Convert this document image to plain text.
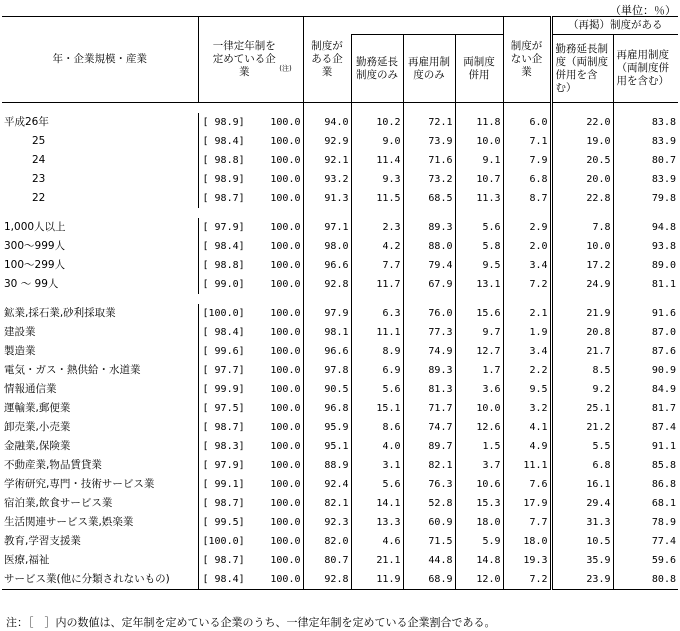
（単位：％）
年・企業規模・産業	一律定年制を定めている企業 $^{(注)}$		制度がある企業				制度がない企業	（再掲）制度がある	
				勤務延長制度のみ	再雇用制度のみ	両制度併用		勤務延長制度（両制度併用を含む）	再雇用制度（両制度併用を含む）

平成26年	[ 98.9]	100.0	94.0	10.2	72.1	11.8	6.0	22.0	83.8
25	[ 98.4]	100.0	92.9	9.0	73.9	10.0	7.1	19.0	83.9
24	[ 98.8]	100.0	92.1	11.4	71.6	9.1	7.9	20.5	80.7
23	[ 98.9]	100.0	93.2	9.3	73.2	10.7	6.8	20.0	83.9
22	[ 98.7]	100.0	91.3	11.5	68.5	11.3	8.7	22.8	79.8

1,000人以上	[ 97.9]	100.0	97.1	2.3	89.3	5.6	2.9	7.8	94.8
300～999人	[ 98.4]	100.0	98.0	4.2	88.0	5.8	2.0	10.0	93.8
100～299人	[ 98.8]	100.0	96.6	7.7	79.4	9.5	3.4	17.2	89.0
30 ～ 99人	[ 99.0]	100.0	92.8	11.7	67.9	13.1	7.2	24.9	81.1

鉱業,採石業,砂利採取業	[100.0]	100.0	97.9	6.3	76.0	15.6	2.1	21.9	91.6
建設業	[ 98.4]	100.0	98.1	11.1	77.3	9.7	1.9	20.8	87.0
製造業	[ 99.6]	100.0	96.6	8.9	74.9	12.7	3.4	21.7	87.6
電気・ガス・熱供給・水道業	[ 97.7]	100.0	97.8	6.9	89.3	1.7	2.2	8.5	90.9
情報通信業	[ 99.9]	100.0	90.5	5.6	81.3	3.6	9.5	9.2	84.9
運輸業,郵便業	[ 97.5]	100.0	96.8	15.1	71.7	10.0	3.2	25.1	81.7
卸売業,小売業	[ 98.7]	100.0	95.9	8.6	74.7	12.6	4.1	21.2	87.4
金融業,保険業	[ 98.3]	100.0	95.1	4.0	89.7	1.5	4.9	5.5	91.1
不動産業,物品賃貸業	[ 97.9]	100.0	88.9	3.1	82.1	3.7	11.1	6.8	85.8
学術研究,専門・技術サービス業	[ 99.1]	100.0	92.4	5.6	76.3	10.6	7.6	16.1	86.8
宿泊業,飲食サービス業	[ 98.7]	100.0	82.1	14.1	52.8	15.3	17.9	29.4	68.1
生活関連サービス業,娯楽業	[ 99.5]	100.0	92.3	13.3	60.9	18.0	7.7	31.3	78.9
教育,学習支援業	[100.0]	100.0	82.0	4.6	71.5	5.9	18.0	10.5	77.4
医療,福祉	[ 98.7]	100.0	80.7	21.1	44.8	14.8	19.3	35.9	59.6
サービス業(他に分類されないもの)	[ 98.4]	100.0	92.8	11.9	68.9	12.0	7.2	23.9	80.8
注：［　］内の数値は、定年制を定めている企業のうち、一律定年制を定めている企業割合である。
